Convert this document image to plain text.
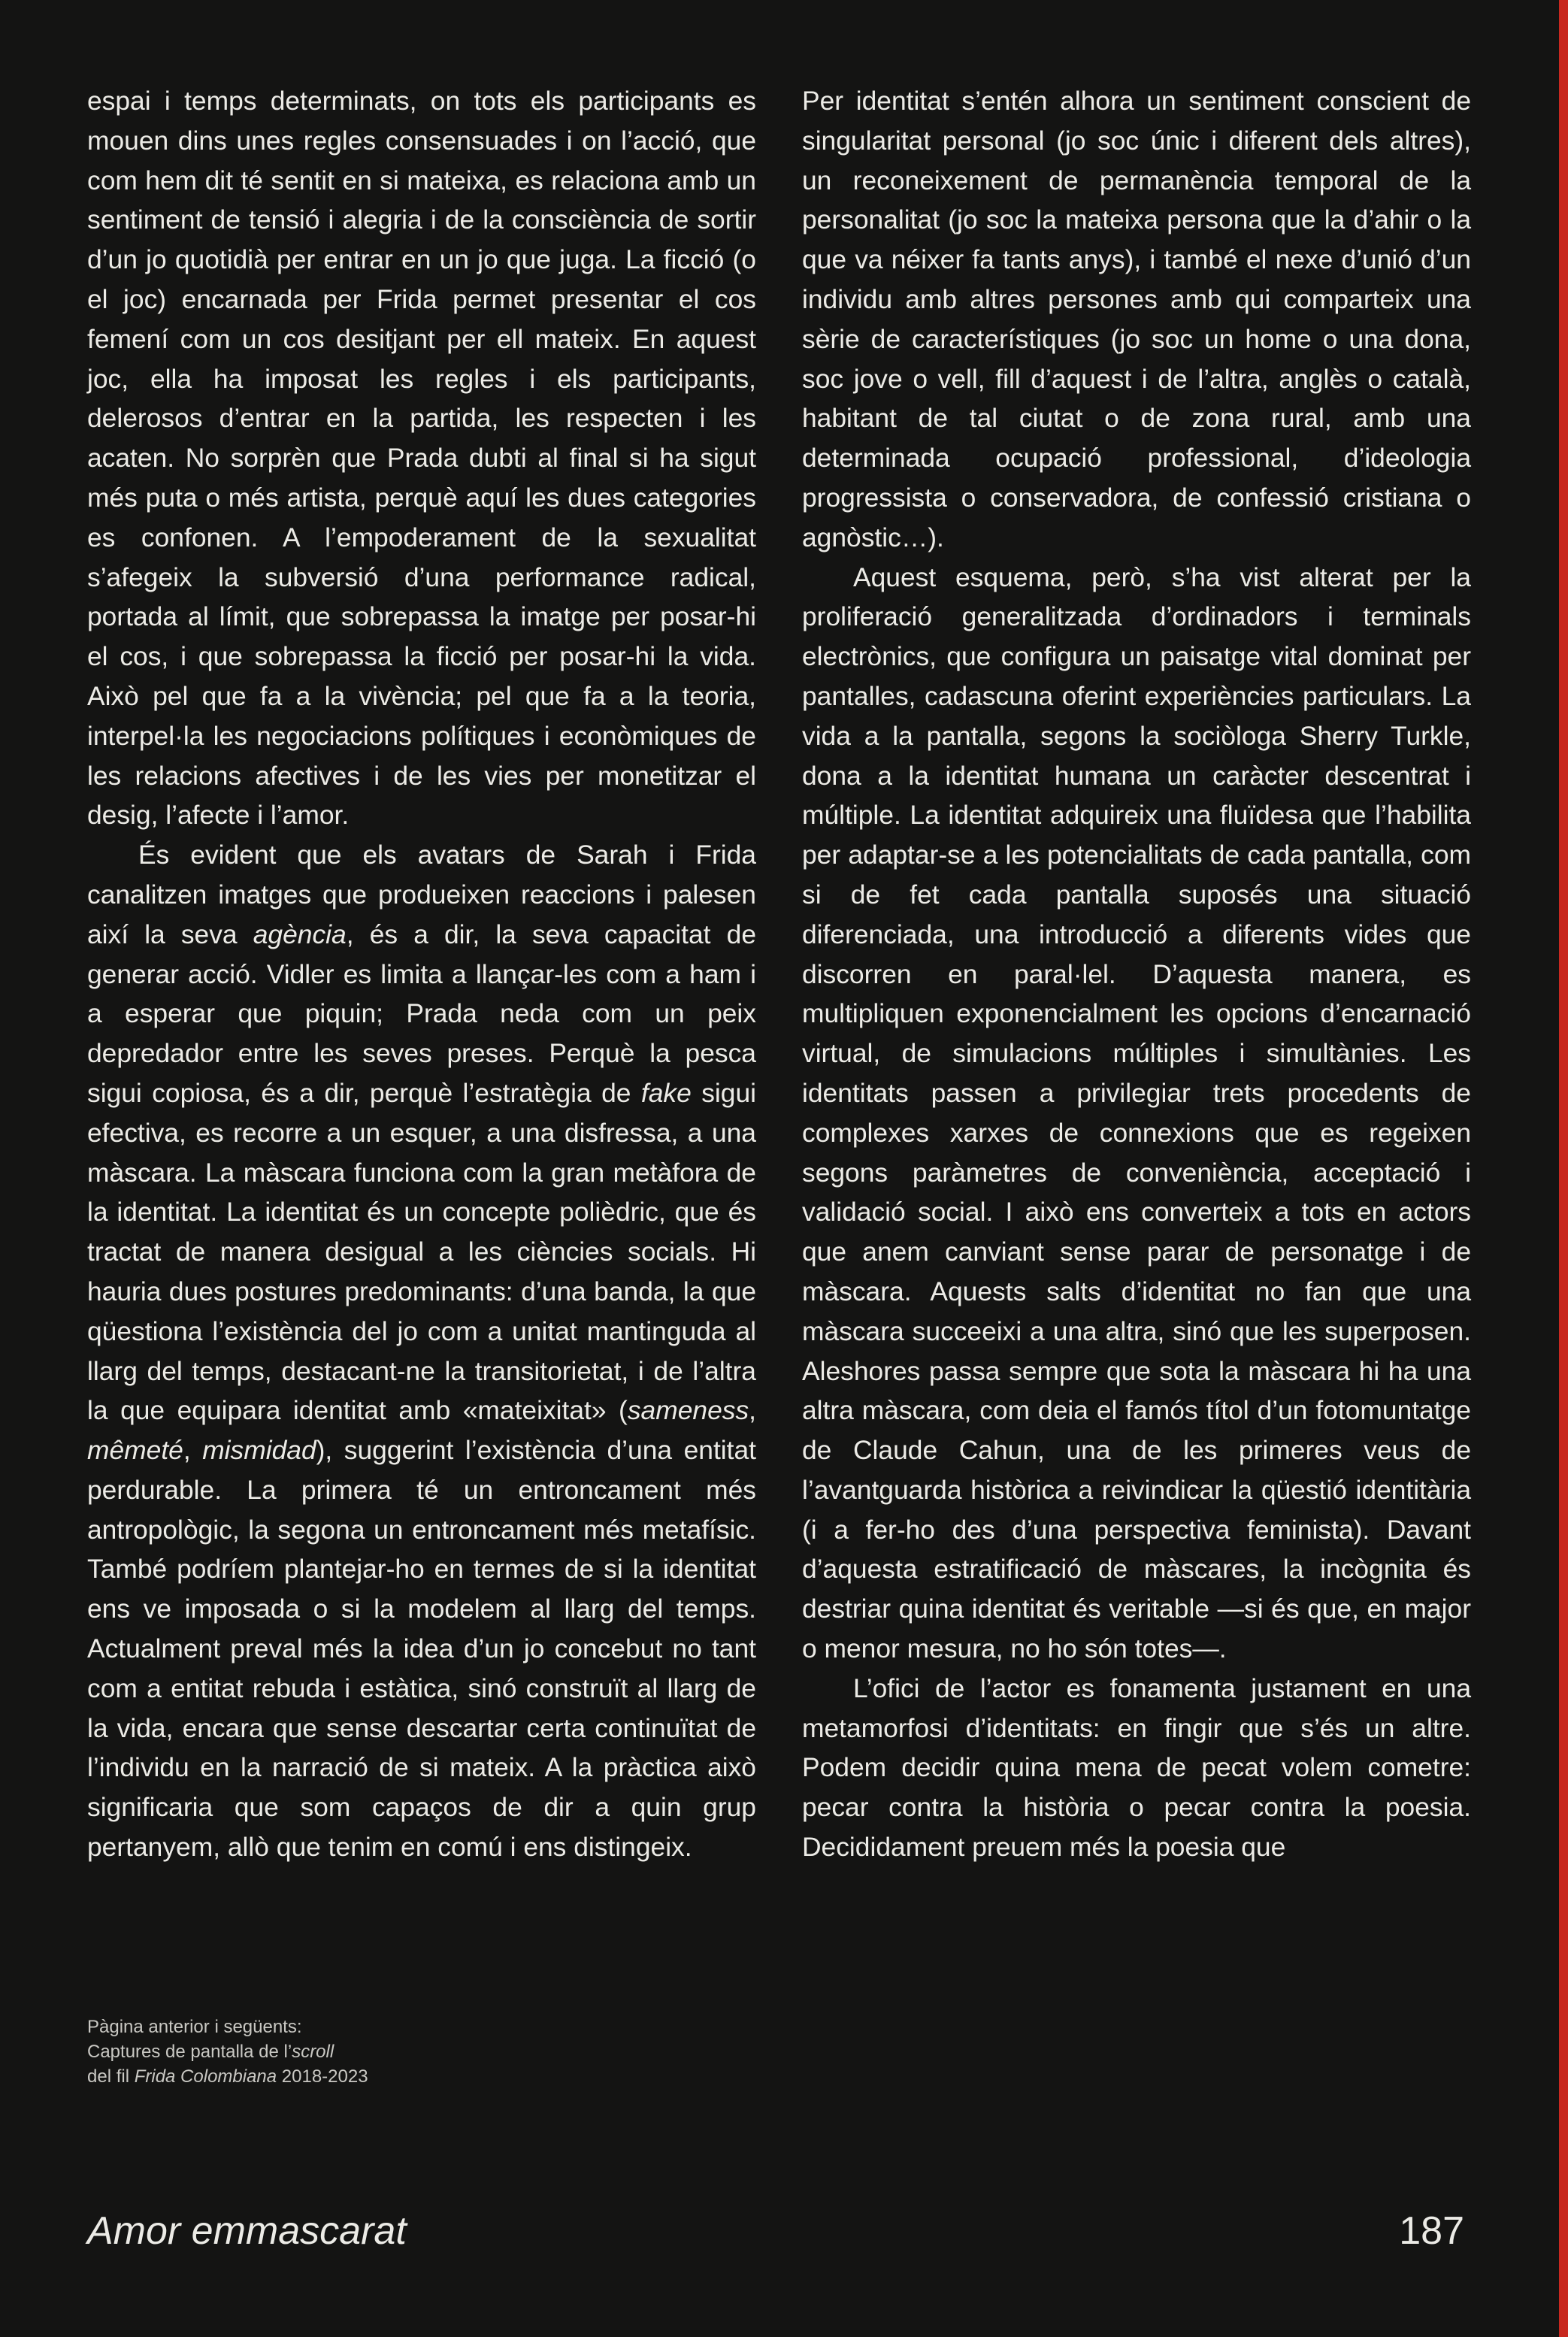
espai i temps determinats, on tots els participants es mouen dins unes regles consensuades i on l’acció, que com hem dit té sentit en si mateixa, es relaciona amb un sentiment de tensió i alegria i de la consciència de sortir d’un jo quotidià per entrar en un jo que juga. La ficció (o el joc) encarnada per Frida permet presentar el cos femení com un cos desitjant per ell mateix. En aquest joc, ella ha imposat les regles i els participants, delerosos d’entrar en la partida, les respecten i les acaten. No sorprèn que Prada dubti al final si ha sigut més puta o més artista, perquè aquí les dues categories es confonen. A l’empoderament de la sexualitat s’afegeix la subversió d’una performance radical, portada al límit, que sobrepassa la imatge per posar-hi el cos, i que sobrepassa la ficció per posar-hi la vida. Això pel que fa a la vivència; pel que fa a la teoria, interpel·la les negociacions polítiques i econòmiques de les relacions afectives i de les vies per monetitzar el desig, l’afecte i l’amor.

És evident que els avatars de Sarah i Frida canalitzen imatges que produeixen reaccions i palesen així la seva agència, és a dir, la seva capacitat de generar acció. Vidler es limita a llançar-les com a ham i a esperar que piquin; Prada neda com un peix depredador entre les seves preses. Perquè la pesca sigui copiosa, és a dir, perquè l’estratègia de fake sigui efectiva, es recorre a un esquer, a una disfressa, a una màscara. La màscara funciona com la gran metàfora de la identitat. La identitat és un concepte polièdric, que és tractat de manera desigual a les ciències socials. Hi hauria dues postures predominants: d’una banda, la que qüestiona l’existència del jo com a unitat mantinguda al llarg del temps, destacant-ne la transitorietat, i de l’altra la que equipara identitat amb «mateixitat» (sameness, mêmeté, mismidad), suggerint l’existència d’una entitat perdurable. La primera té un entroncament més antropològic, la segona un entroncament més metafísic. També podríem plantejar-ho en termes de si la identitat ens ve imposada o si la modelem al llarg del temps. Actualment preval més la idea d’un jo concebut no tant com a entitat rebuda i estàtica, sinó construït al llarg de la vida, encara que sense descartar certa continuïtat de l’individu en la narració de si mateix. A la pràctica això significaria que som capaços de dir a quin grup pertanyem, allò que tenim en comú i ens distingeix.

Per identitat s’entén alhora un sentiment conscient de singularitat personal (jo soc únic i diferent dels altres), un reconeixement de permanència temporal de la personalitat (jo soc la mateixa persona que la d’ahir o la que va néixer fa tants anys), i també el nexe d’unió d’un individu amb altres persones amb qui comparteix una sèrie de característiques (jo soc un home o una dona, soc jove o vell, fill d’aquest i de l’altra, anglès o català, habitant de tal ciutat o de zona rural, amb una determinada ocupació professional, d’ideologia progressista o conservadora, de confessió cristiana o agnòstic…).

Aquest esquema, però, s’ha vist alterat per la proliferació generalitzada d’ordinadors i terminals electrònics, que configura un paisatge vital dominat per pantalles, cadascuna oferint experiències particulars. La vida a la pantalla, segons la sociòloga Sherry Turkle, dona a la identitat humana un caràcter descentrat i múltiple. La identitat adquireix una fluïdesa que l’habilita per adaptar-se a les potencialitats de cada pantalla, com si de fet cada pantalla suposés una situació diferenciada, una introducció a diferents vides que discorren en paral·lel. D’aquesta manera, es multipliquen exponencialment les opcions d’encarnació virtual, de simulacions múltiples i simultànies. Les identitats passen a privilegiar trets procedents de complexes xarxes de connexions que es regeixen segons paràmetres de conveniència, acceptació i validació social. I això ens converteix a tots en actors que anem canviant sense parar de personatge i de màscara. Aquests salts d’identitat no fan que una màscara succeeixi a una altra, sinó que les superposen. Aleshores passa sempre que sota la màscara hi ha una altra màscara, com deia el famós títol d’un fotomuntatge de Claude Cahun, una de les primeres veus de l’avantguarda històrica a reivindicar la qüestió identitària (i a fer-ho des d’una perspectiva feminista). Davant d’aquesta estratificació de màscares, la incògnita és destriar quina identitat és veritable —si és que, en major o menor mesura, no ho són totes—.

L’ofici de l’actor es fonamenta justament en una metamorfosi d’identitats: en fingir que s’és un altre. Podem decidir quina mena de pecat volem cometre: pecar contra la història o pecar contra la poesia. Decididament preuem més la poesia que

Pàgina anterior i següents:
Captures de pantalla de l’scroll
del fil Frida Colombiana 2018-2023
Amor emmascarat	187
